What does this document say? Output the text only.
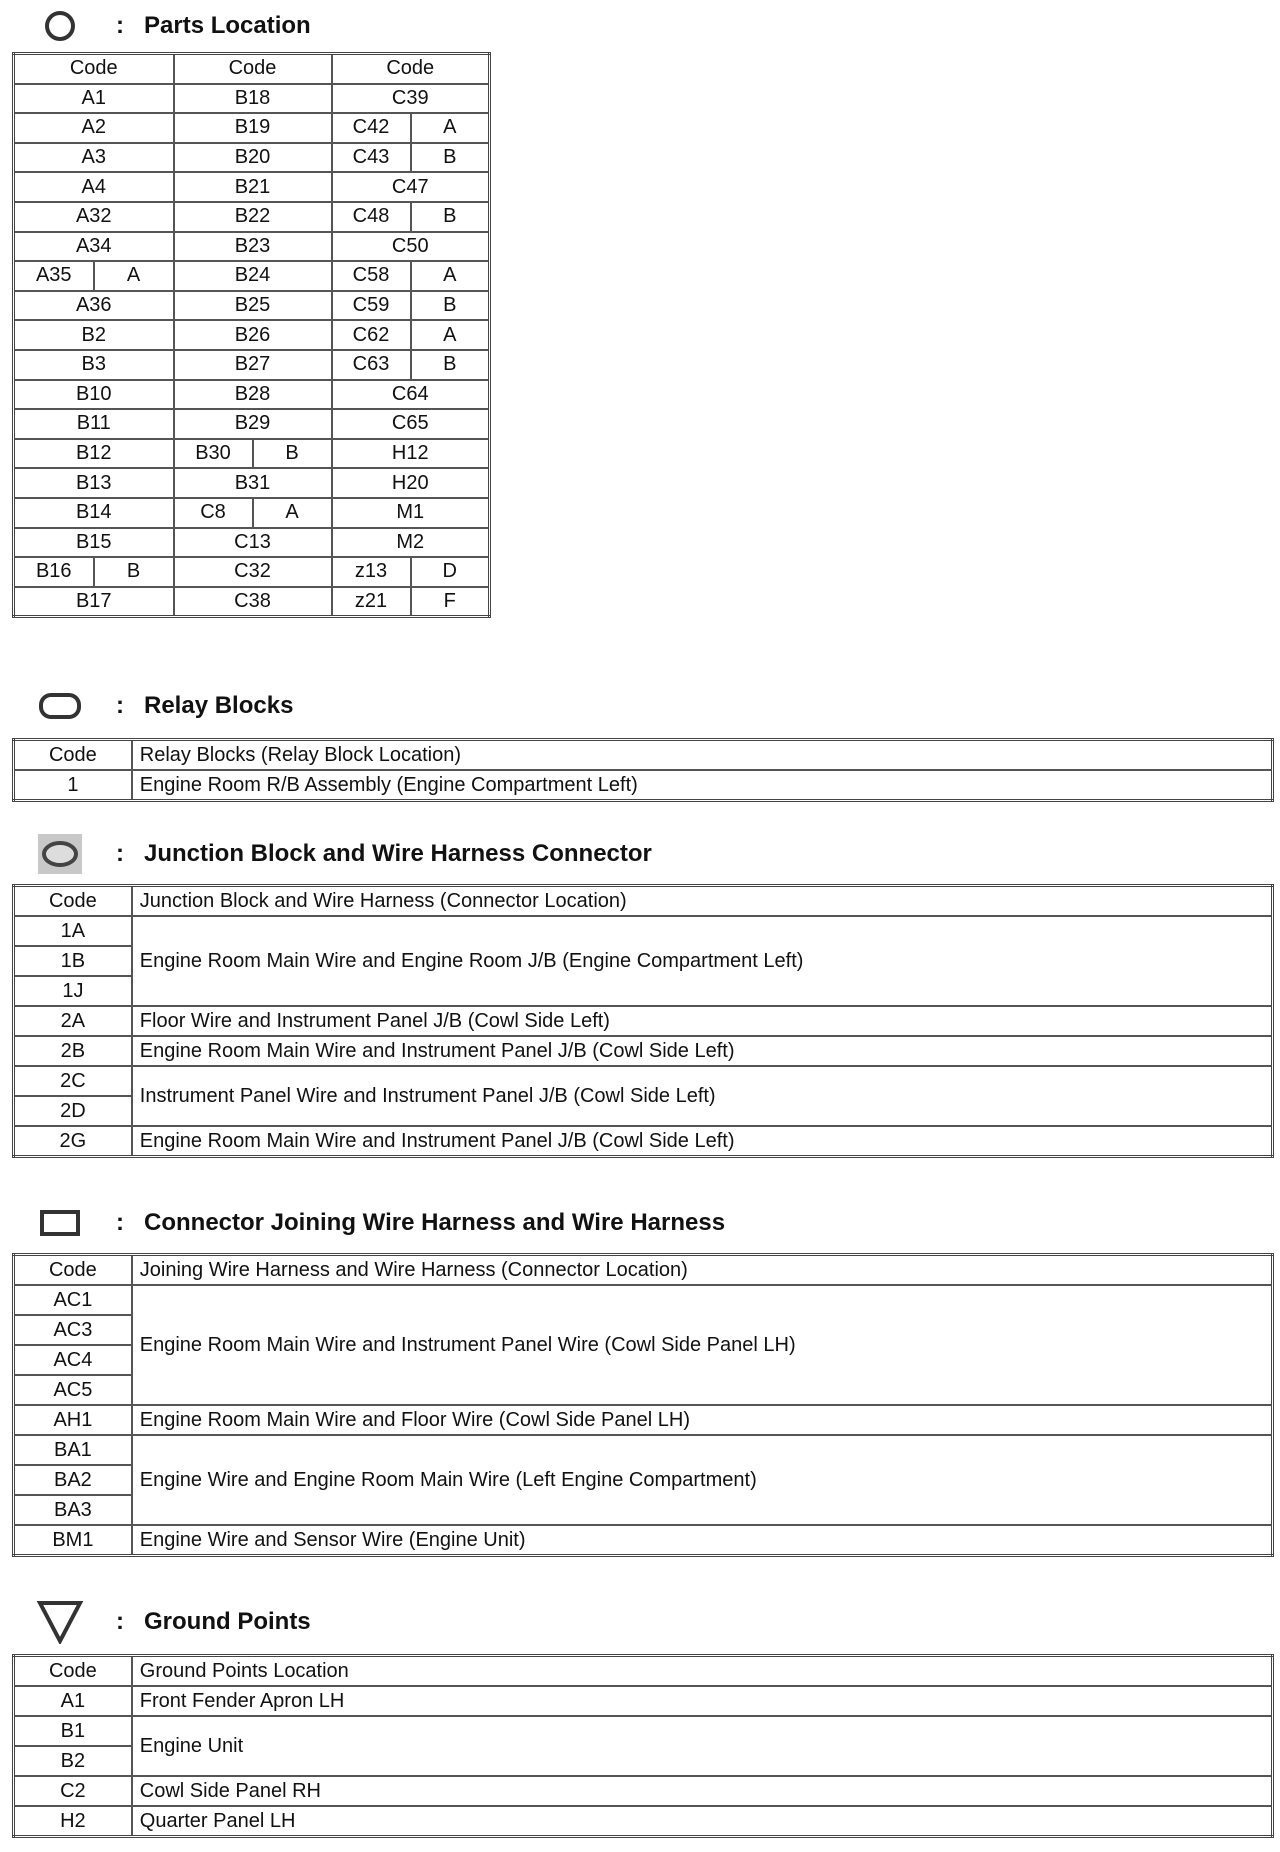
: Parts Location
Code		Code		Code	
A1		B18		C39	
A2		B19		C42	A
A3		B20		C43	B
A4		B21		C47	
A32		B22		C48	B
A34		B23		C50	
A35	A	B24		C58	A
A36		B25		C59	B
B2		B26		C62	A
B3		B27		C63	B
B10		B28		C64	
B11		B29		C65	
B12		B30	B	H12	
B13		B31		H20	
B14		C8	A	M1	
B15		C13		M2	
B16	B	C32		z13	D
B17		C38		z21	F
: Relay Blocks
Code	Relay Blocks (Relay Block Location)
1	Engine Room R/B Assembly (Engine Compartment Left)
: Junction Block and Wire Harness Connector
Code	Junction Block and Wire Harness (Connector Location)
1A	Engine Room Main Wire and Engine Room J/B (Engine Compartment Left)
1B	
1J	
2A	Floor Wire and Instrument Panel J/B (Cowl Side Left)
2B	Engine Room Main Wire and Instrument Panel J/B (Cowl Side Left)
2C	Instrument Panel Wire and Instrument Panel J/B (Cowl Side Left)
2D	
2G	Engine Room Main Wire and Instrument Panel J/B (Cowl Side Left)
: Connector Joining Wire Harness and Wire Harness
Code	Joining Wire Harness and Wire Harness (Connector Location)
AC1	Engine Room Main Wire and Instrument Panel Wire (Cowl Side Panel LH)
AC3	
AC4	
AC5	
AH1	Engine Room Main Wire and Floor Wire (Cowl Side Panel LH)
BA1	Engine Wire and Engine Room Main Wire (Left Engine Compartment)
BA2	
BA3	
BM1	Engine Wire and Sensor Wire (Engine Unit)
: Ground Points
Code	Ground Points Location
A1	Front Fender Apron LH
B1	Engine Unit
B2	
C2	Cowl Side Panel RH
H2	Quarter Panel LH
